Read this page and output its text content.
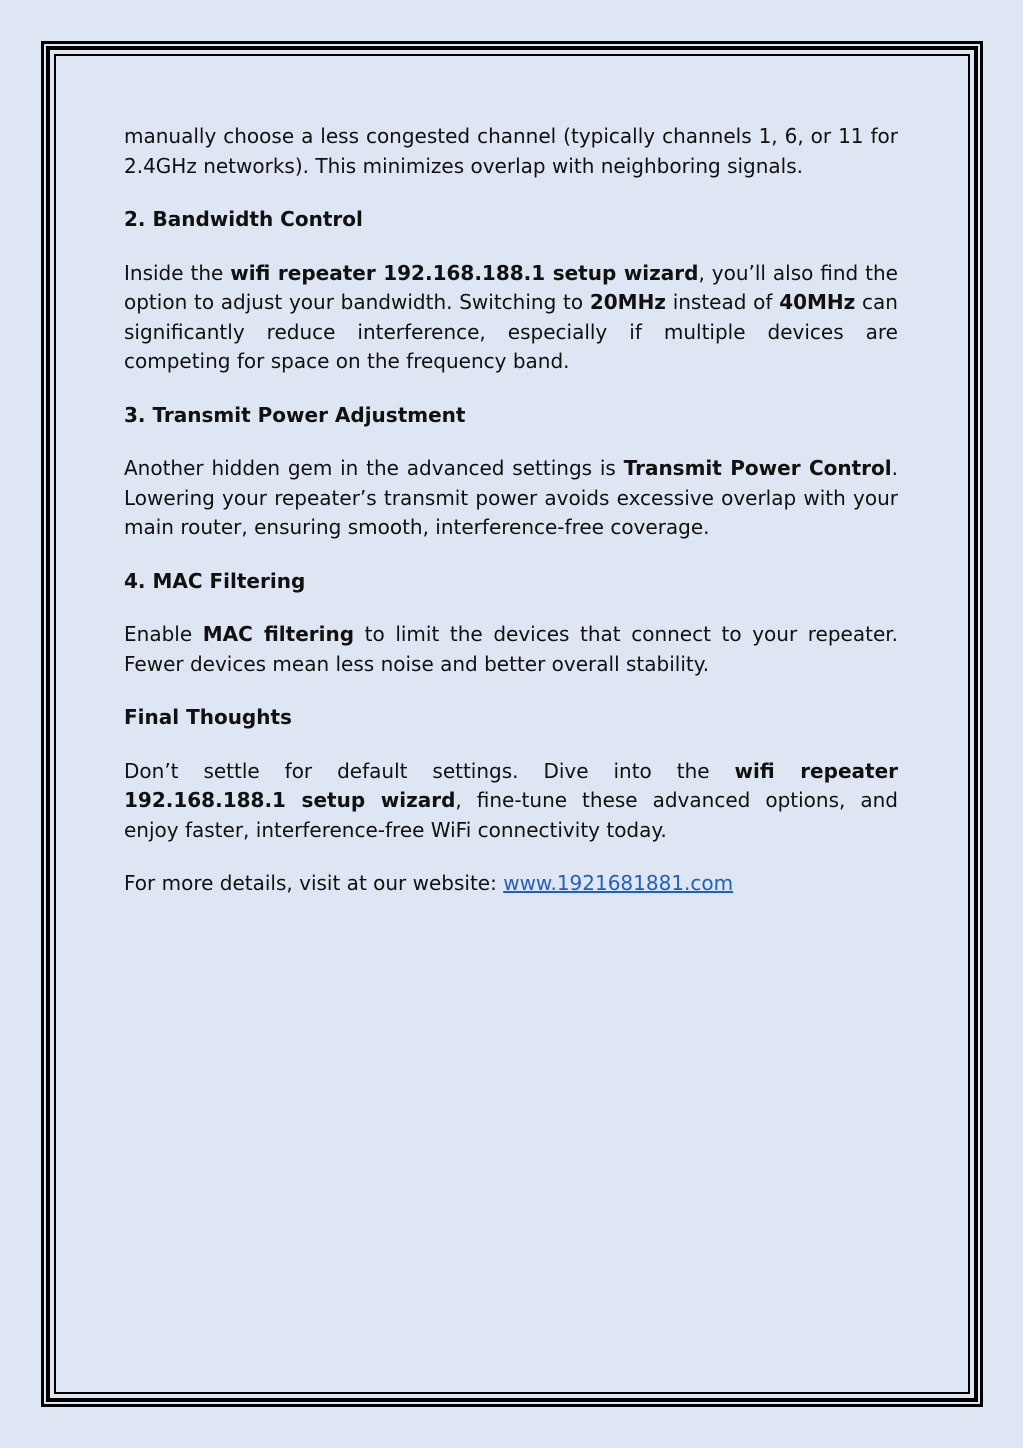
manually choose a less congested channel (typically channels 1, 6, or 11 for 2.4GHz networks). This minimizes overlap with neighboring signals.

2. Bandwidth Control

Inside the wifi repeater 192.168.188.1 setup wizard, you’ll also find the option to adjust your bandwidth. Switching to 20MHz instead of 40MHz can significantly reduce interference, especially if multiple devices are competing for space on the frequency band.

3. Transmit Power Adjustment

Another hidden gem in the advanced settings is Transmit Power Control. Lowering your repeater’s transmit power avoids excessive overlap with your main router, ensuring smooth, interference-free coverage.

4. MAC Filtering

Enable MAC filtering to limit the devices that connect to your repeater. Fewer devices mean less noise and better overall stability.

Final Thoughts

Don’t settle for default settings. Dive into the wifi repeater 192.168.188.1 setup wizard, fine-tune these advanced options, and enjoy faster, interference-free WiFi connectivity today.

For more details, visit at our website: www.1921681881.com
